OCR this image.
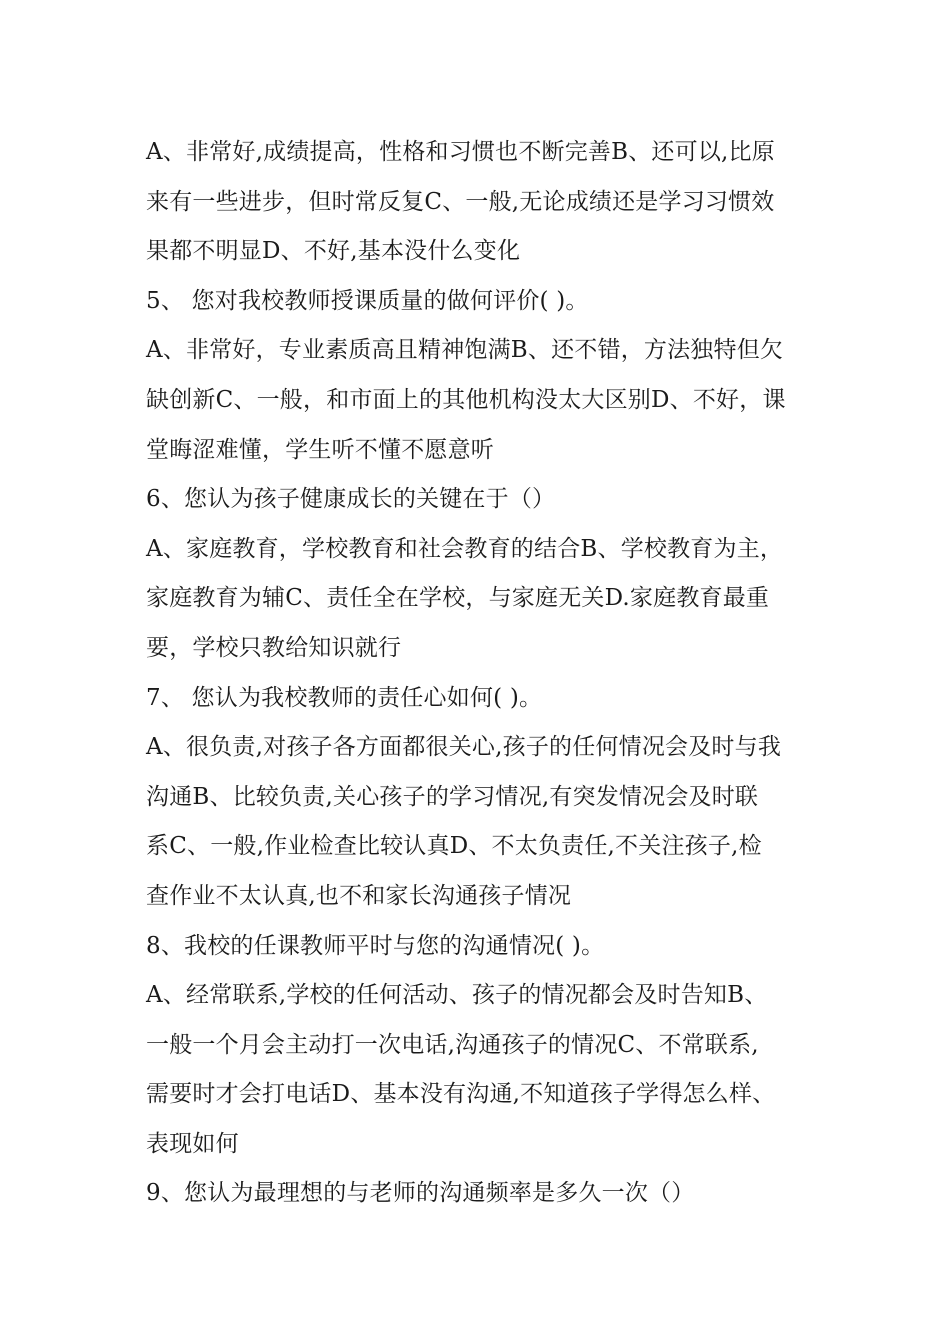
A、非常好,成绩提高，性格和习惯也不断完善B、还可以,比原
来有一些进步，但时常反复C、一般,无论成绩还是学习习惯效
果都不明显D、不好,基本没什么变化
5、 您对我校教师授课质量的做何评价( )。
A、非常好，专业素质高且精神饱满B、还不错，方法独特但欠
缺创新C、一般，和市面上的其他机构没太大区别D、不好，课
堂晦涩难懂，学生听不懂不愿意听
6、您认为孩子健康成长的关键在于（）
A、家庭教育，学校教育和社会教育的结合B、学校教育为主，
家庭教育为辅C、责任全在学校，与家庭无关D.家庭教育最重
要，学校只教给知识就行
7、 您认为我校教师的责任心如何( )。
A、很负责,对孩子各方面都很关心,孩子的任何情况会及时与我
沟通B、比较负责,关心孩子的学习情况,有突发情况会及时联
系C、一般,作业检查比较认真D、不太负责任,不关注孩子,检
查作业不太认真,也不和家长沟通孩子情况
8、我校的任课教师平时与您的沟通情况( )。
A、经常联系,学校的任何活动、孩子的情况都会及时告知B、
一般一个月会主动打一次电话,沟通孩子的情况C、不常联系,
需要时才会打电话D、基本没有沟通,不知道孩子学得怎么样、
表现如何
9、您认为最理想的与老师的沟通频率是多久一次（）
